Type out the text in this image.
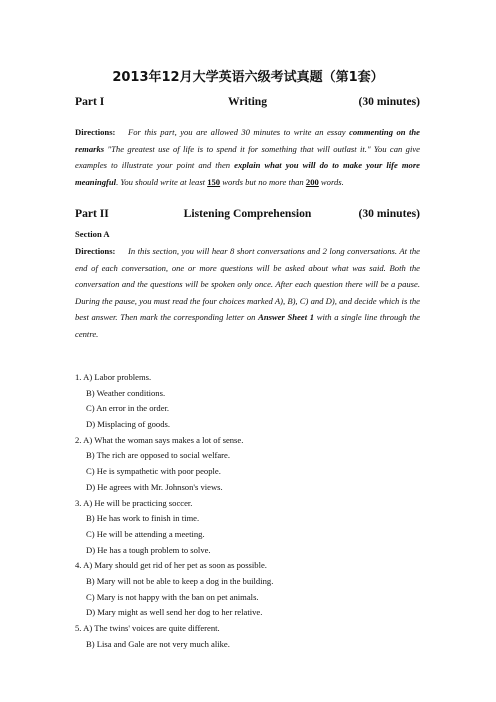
2013年12月大学英语六级考试真题（第1套）
Part I	Writing	(30 minutes)
Directions:	For this part, you are allowed 30 minutes to write an essay commenting on the remarks "The greatest use of life is to spend it for something that will outlast it." You can give examples to illustrate your point and then explain what you will do to make your life more meaningful. You should write at least 150 words but no more than 200 words.
Part II	Listening Comprehension	(30 minutes)
Section A
Directions:	In this section, you will hear 8 short conversations and 2 long conversations. At the end of each conversation, one or more questions will be asked about what was said. Both the conversation and the questions will be spoken only once. After each question there will be a pause. During the pause, you must read the four choices marked A), B), C) and D), and decide which is the best answer. Then mark the corresponding letter on Answer Sheet 1 with a single line through the centre.
1. A) Labor problems.
B) Weather conditions.
C) An error in the order.
D) Misplacing of goods.
2. A) What the woman says makes a lot of sense.
B) The rich are opposed to social welfare.
C) He is sympathetic with poor people.
D) He agrees with Mr. Johnson's views.
3. A) He will be practicing soccer.
B) He has work to finish in time.
C) He will be attending a meeting.
D) He has a tough problem to solve.
4. A) Mary should get rid of her pet as soon as possible.
B) Mary will not be able to keep a dog in the building.
C) Mary is not happy with the ban on pet animals.
D) Mary might as well send her dog to her relative.
5. A) The twins' voices are quite different.
B) Lisa and Gale are not very much alike.
